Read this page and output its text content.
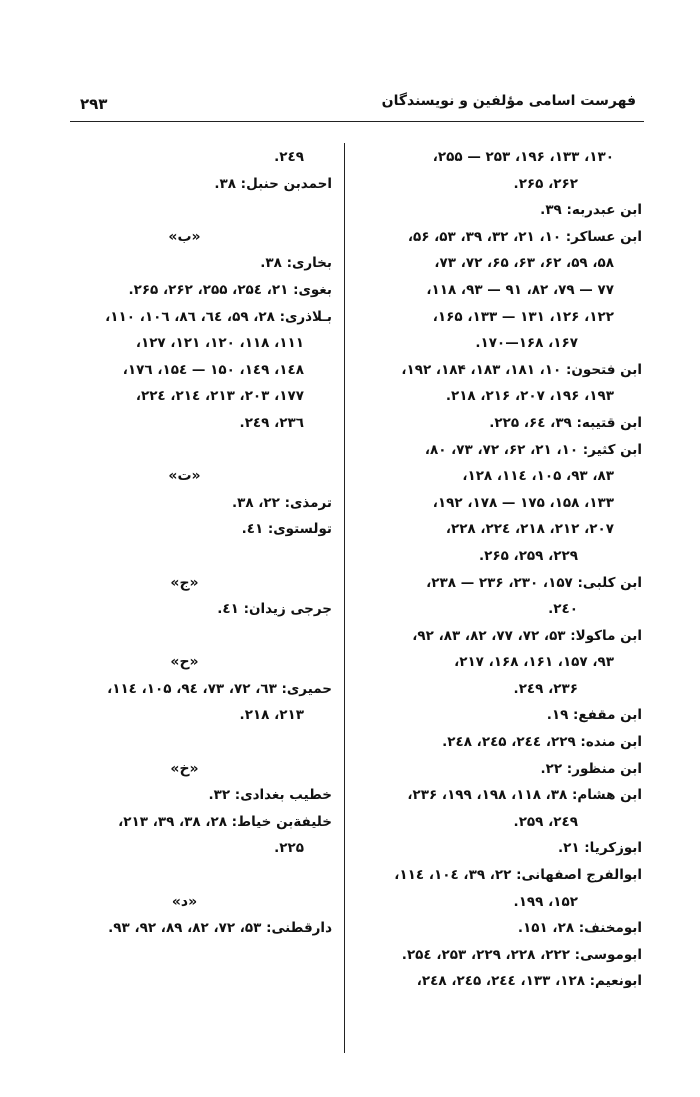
۲۹۳	فهرست اسامی مؤلفین و نویسندگان
۱۳۰، ۱۳۳، ۱۹۶، ۲۵۳ — ۲۵۵،
۲۶۲، ۲۶۵.
ابن عبدربه: ۳۹.
ابن عساکر: ۱۰، ۲۱، ۳۲، ۳۹، ۵۳، ۵۶،
۵۸، ۵۹، ۶۲، ۶۳، ۶۵، ۷۲، ۷۳،
۷۷ — ۷۹، ۸۲، ۹۱ — ۹۳، ۱۱۸،
۱۲۲، ۱۲۶، ۱۳۱ — ۱۳۳، ۱۶۵،
۱۶۷، ۱۶۸—۱۷۰.
ابن فتحون: ۱۰، ۱۸۱، ۱۸۳، ۱۸۴، ۱۹۲،
۱۹۳، ۱۹۶، ۲۰۷، ۲۱۶، ۲۱۸.
ابن قتیبه: ۳۹، ۶٤، ۲۲۵.
ابن کثیر: ۱۰، ۲۱، ۶۲، ۷۲، ۷۳، ۸۰،
۸۳، ۹۳، ۱۰۵، ۱۱٤، ۱۲۸،
۱۳۳، ۱۵۸، ۱۷۵ — ۱۷۸، ۱۹۲،
۲۰۷، ۲۱۲، ۲۱۸، ۲۲٤، ۲۲۸،
۲۲۹، ۲۵۹، ۲۶۵.
ابن کلبی: ۱۵۷، ۲۳۰، ۲۳۶ — ۲۳۸،
۲٤۰.
ابن ماکولا: ۵۳، ۷۲، ۷۷، ۸۲، ۸۳، ۹۲،
۹۳، ۱۵۷، ۱۶۱، ۱۶۸، ۲۱۷،
۲۳۶، ۲٤۹.
ابن مقفع: ۱۹.
ابن منده: ۲۲۹، ۲٤٤، ۲٤۵، ۲٤۸.
ابن منظور: ۲۲.
ابن هشام: ۳۸، ۱۱۸، ۱۹۸، ۱۹۹، ۲۳۶،
۲٤۹، ۲۵۹.
ابوزکریا: ۲۱.
ابوالفرج اصفهانی: ۲۲، ۳۹، ۱۰٤، ۱۱٤،
۱۵۲، ۱۹۹.
ابومخنف: ۲۸، ۱۵۱.
ابوموسی: ۲۲۲، ۲۲۸، ۲۲۹، ۲۵۳، ۲۵٤.
ابونعیم: ۱۲۸، ۱۳۳، ۲٤٤، ۲٤۵، ۲٤۸،
۲٤۹.
احمدبن حنبل: ۳۸.
«ب»
بخاری: ۳۸.
بغوی: ۲۱، ۲۵٤، ۲۵۵، ۲۶۲، ۲۶۵.
بـلاذری: ۲۸، ۵۹، ٦٤، ۸٦، ۱۰٦، ۱۱۰،
۱۱۱، ۱۱۸، ۱۲۰، ۱۲۱، ۱۲۷،
۱٤۸، ۱٤۹، ۱۵۰ — ۱۵٤، ۱۷٦،
۱۷۷، ۲۰۳، ۲۱۳، ۲۱٤، ۲۲٤،
۲۳٦، ۲٤۹.
«ت»
ترمذی: ۲۲، ۳۸.
تولستوی: ٤۱.
«ج»
جرجی زیدان: ٤۱.
«ح»
حمیری: ٦۳، ۷۲، ۷۳، ۹٤، ۱۰۵، ۱۱٤،
۲۱۳، ۲۱۸.
«خ»
خطیب بغدادی: ۳۲.
خلیفةبن خیاط: ۲۸، ۳۸، ۳۹، ۲۱۳،
۲۲۵.
«د»
دارقطنی: ۵۳، ۷۲، ۸۲، ۸۹، ۹۲، ۹۳.
